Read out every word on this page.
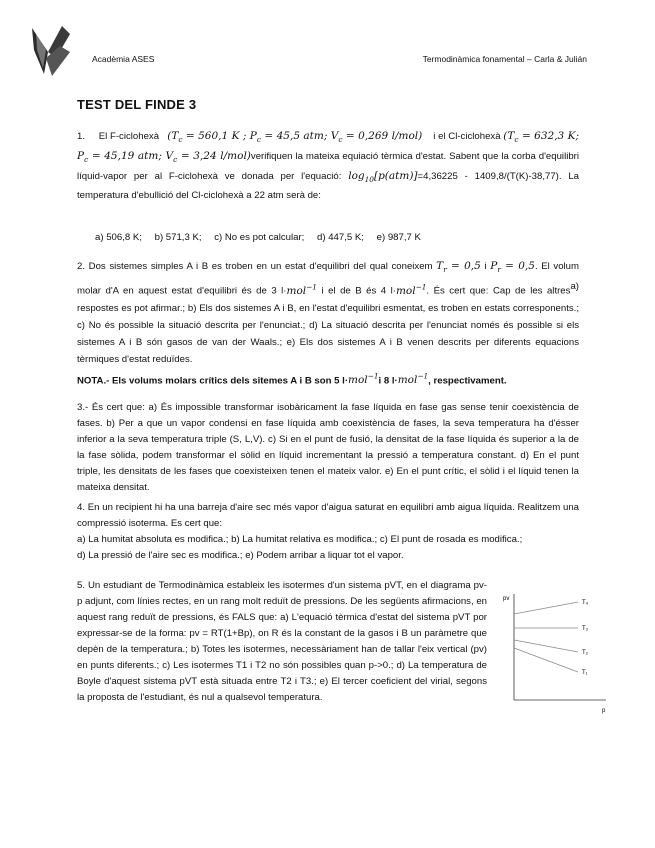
Acadèmia ASES	Termodinàmica fonamental – Carla & Julián
TEST DEL FINDE 3
1. El F-ciclohexà ($T_c = 560,1$ K ; $P_c = 45,5$ atm; $V_c = 0,269$ l/mol) i el Cl-ciclohexà ($T_c = 632,3$ K; $P_c = 45,19$ atm; $V_c = 3,24$ l/mol)verifiquen la mateixa equiació tèrmica d'estat. Sabent que la corba d'equilibri líquid-vapor per al F-ciclohexà ve donada per l'equació: $\log_{10}[p(atm)]=4,36225 - 1409,8/(T(K)-38,77)$. La temperatura d'ebullició del Cl-ciclohexà a 22 atm serà de:
a) 506,8 K; b) 571,3 K; c) No es pot calcular; d) 447,5 K; e) 987,7 K
2. Dos sistemes simples A i B es troben en un estat d'equilibri del qual coneixem $T_r = 0,5$ i $P_r = 0,5$. El volum molar d'A en aquest estat d'equilibri és de 3 l·mol$^{-1}$ i el de B és 4 l·mol$^{-1}$. És cert que:	a)
Cap de les altres respostes es pot afirmar.; b) Els dos sistemes A i B, en l'estat d'equilibri esmentat, es troben en estats corresponents.; c) No és possible la situació descrita per l'enunciat.; d) La situació descrita per l'enunciat només és possible si els sistemes A i B són gasos de van der Waals.; e) Els dos sistemes A i B venen descrits per diferents equacions tèrmiques d'estat reduïdes.
NOTA.- Els volums molars crítics dels sitemes A i B son 5 l·mol$^{-1}$i 8 l·mol$^{-1}$, respectivament.
3.- És cert que: a) És impossible transformar isobàricament la fase líquida en fase gas sense tenir coexistència de fases. b) Per a que un vapor condensi en fase líquida amb coexistència de fases, la seva temperatura ha d'ésser inferior a la seva temperatura triple (S, L,V). c) Si en el punt de fusió, la densitat de la fase líquida és superior a la de la fase sòlida, podem transformar el sòlid en líquid incrementant la pressió a temperatura constant. d) En el punt triple, les densitats de les fases que coexisteixen tenen el mateix valor. e) En el punt crític, el sòlid i el líquid tenen la mateixa densitat.
4. En un recipient hi ha una barreja d'aire sec més vapor d'aigua saturat en equilibri amb aigua líquida. Realitzem una compressió isoterma. Es cert que:
a) La humitat absoluta es modifica.; b) La humitat relativa es modifica.; c) El punt de rosada es modifica.;
d) La pressió de l'aire sec es modifica.; e) Podem arribar a liquar tot el vapor.
5. Un estudiant de Termodinàmica estableix les isotermes d'un sistema pVT, en el diagrama pv-p adjunt, com línies rectes, en un rang molt reduït de pressions. De les següents afirmacions, en aquest rang reduït de pressions, és FALS que: a) L'equació tèrmica d'estat del sistema pVT por expressar-se de la forma: pv = RT(1+Bp), on R és la constant de la gasos i B un paràmetre que depèn de la temperatura.; b) Totes les isotermes, necessàriament han de tallar l'eix vertical (pv) en punts diferents.; c) Les isotermes T1 i T2 no són possibles quan p->0.; d) La temperatura de Boyle d'aquest sistema pVT està situada entre T2 i T3.; e) El tercer coeficient del virial, segons la proposta de l'estudiant, és nul a qualsevol temperatura.
pv
p
T₄
T₃
T₂
T₁
